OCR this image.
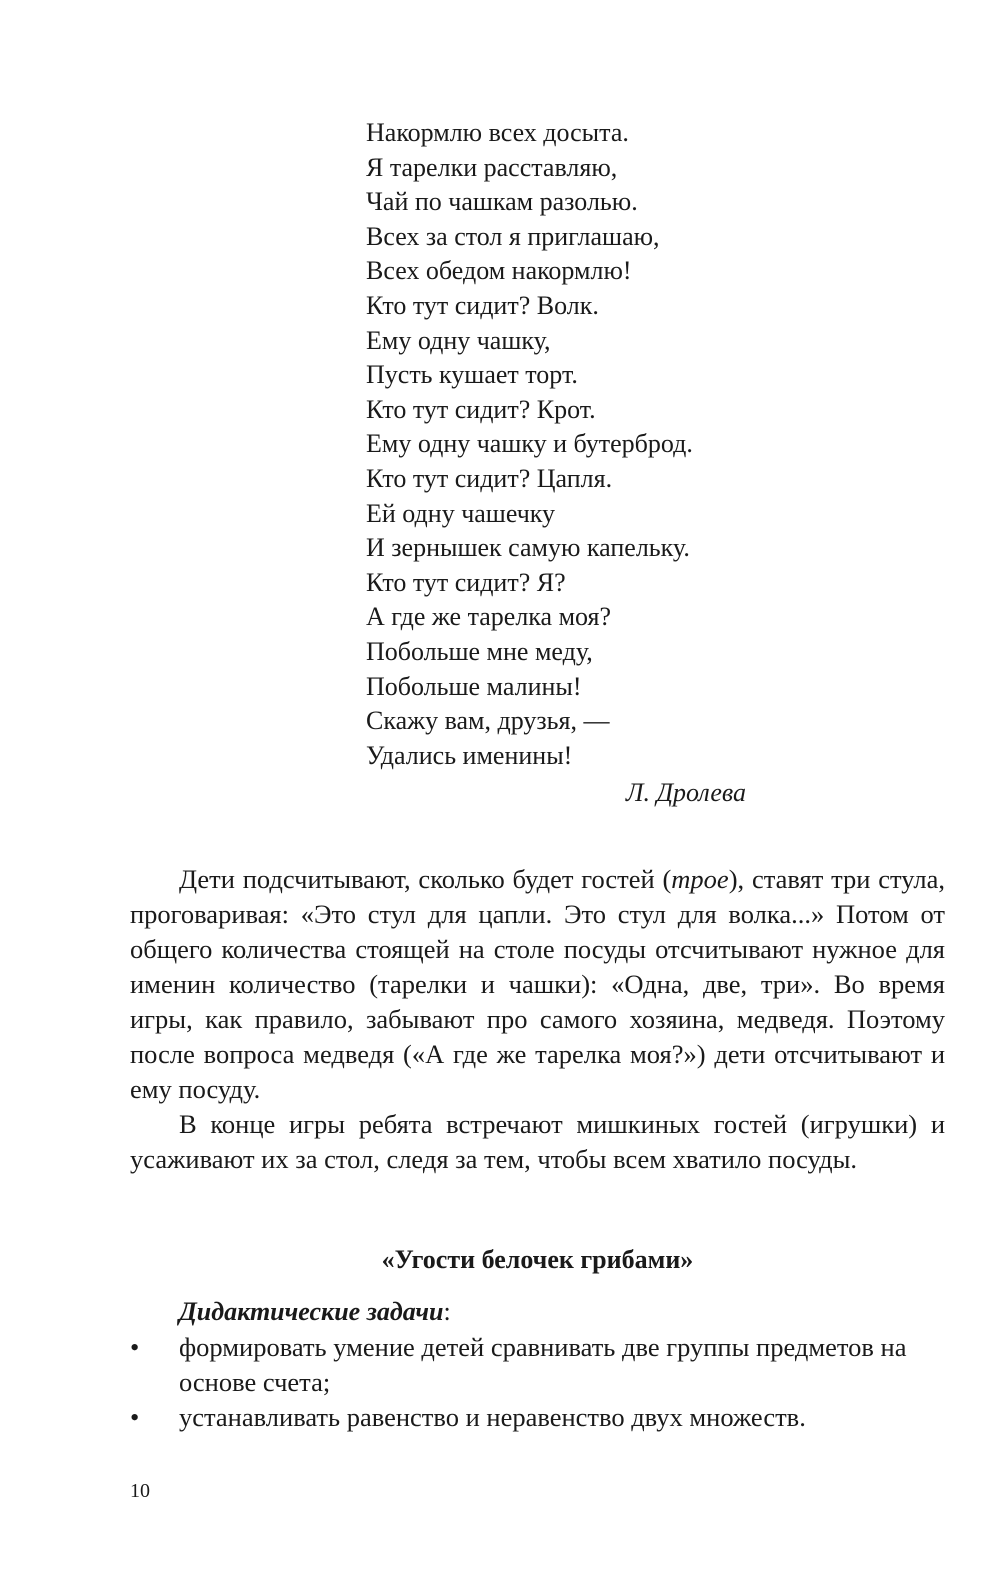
Накормлю всех досыта.
Я тарелки расставляю,
Чай по чашкам разолью.
Всех за стол я приглашаю,
Всех обедом накормлю!
Кто тут сидит? Волк.
Ему одну чашку,
Пусть кушает торт.
Кто тут сидит? Крот.
Ему одну чашку и бутерброд.
Кто тут сидит? Цапля.
Ей одну чашечку
И зернышек самую капельку.
Кто тут сидит? Я?
А где же тарелка моя?
Побольше мне меду,
Побольше малины!
Скажу вам, друзья, —
Удались именины!
Л. Дролева

Дети подсчитывают, сколько будет гостей (трое), ставят три стула, проговаривая: «Это стул для цапли. Это стул для волка...» Потом от общего количества стоящей на столе посуды отсчитывают нужное для именин количество (тарелки и чашки): «Одна, две, три». Во время игры, как правило, забывают про самого хозяина, медведя. Поэтому после вопроса медведя («А где же тарелка моя?») дети отсчитывают и ему посуду.

В конце игры ребята встречают мишкиных гостей (игрушки) и усаживают их за стол, следя за тем, чтобы всем хватило посуды.

«Угости белочек грибами»
Дидактические задачи:
•	формировать умение детей сравнивать две группы предметов на основе счета;
•	устанавливать равенство и неравенство двух множеств.
10
